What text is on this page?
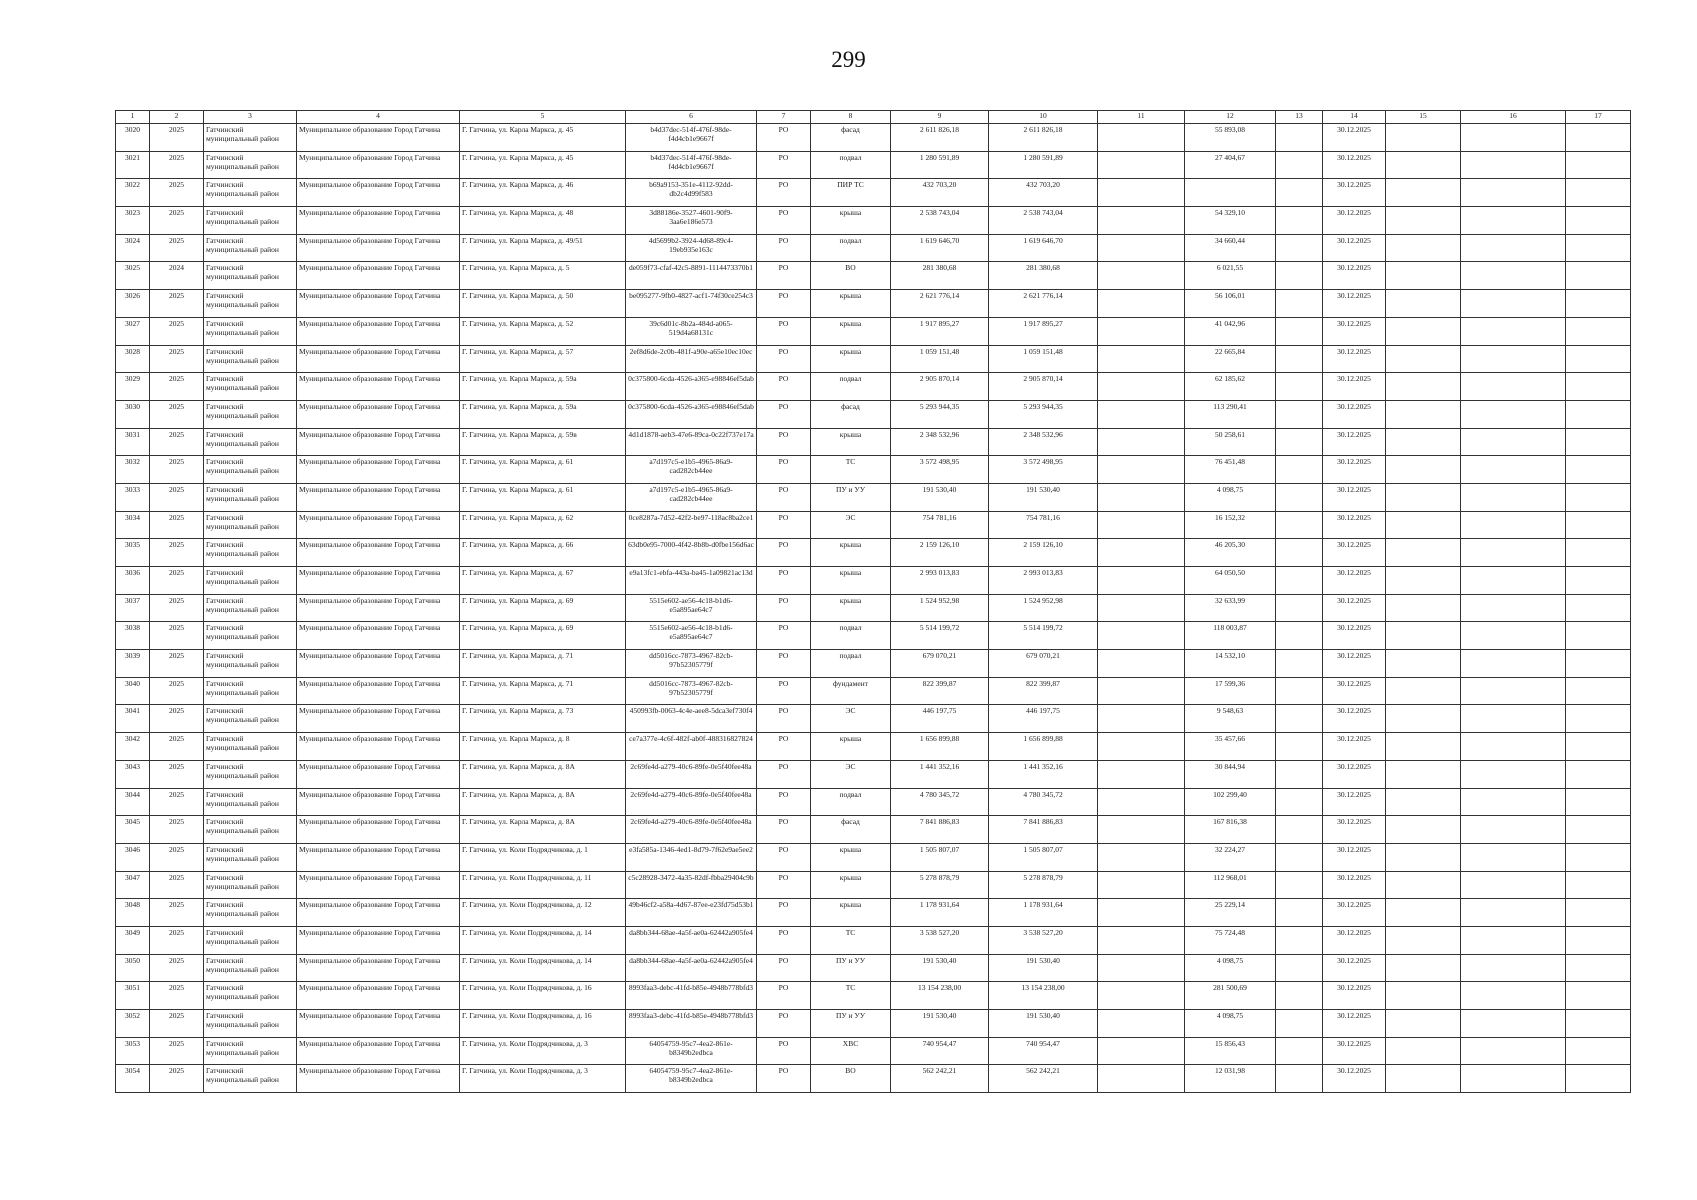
299
1	2	3	4	5	6	7	8	9	10	11	12	13	14	15	16	17
3020	2025	Гатчинский муниципальный район	Муниципальное образование Город Гатчина	Г. Гатчина, ул. Карла Маркса, д. 45	b4d37dec-514f-476f-98de-f4d4cb1e9667f	РО	фасад	2 611 826,18	2 611 826,18		55 893,08		30.12.2025			
3021	2025	Гатчинский муниципальный район	Муниципальное образование Город Гатчина	Г. Гатчина, ул. Карла Маркса, д. 45	b4d37dec-514f-476f-98de-f4d4cb1e9667f	РО	подвал	1 280 591,89	1 280 591,89		27 404,67		30.12.2025			
3022	2025	Гатчинский муниципальный район	Муниципальное образование Город Гатчина	Г. Гатчина, ул. Карла Маркса, д. 46	b69a9153-351e-4112-92dd-db2c4d99f583	РО	ПИР ТС	432 703,20	432 703,20				30.12.2025			
3023	2025	Гатчинский муниципальный район	Муниципальное образование Город Гатчина	Г. Гатчина, ул. Карла Маркса, д. 48	3d88186e-3527-4601-90f9-3aa6e186e573	РО	крыша	2 538 743,04	2 538 743,04		54 329,10		30.12.2025			
3024	2025	Гатчинский муниципальный район	Муниципальное образование Город Гатчина	Г. Гатчина, ул. Карла Маркса, д. 49/51	4d5699b2-3924-4d68-89c4-19eb935e163c	РО	подвал	1 619 646,70	1 619 646,70		34 660,44		30.12.2025			
3025	2024	Гатчинский муниципальный район	Муниципальное образование Город Гатчина	Г. Гатчина, ул. Карла Маркса, д. 5	de059f73-cfaf-42c5-8891-1114473370b1	РО	ВО	281 380,68	281 380,68		6 021,55		30.12.2025			
3026	2025	Гатчинский муниципальный район	Муниципальное образование Город Гатчина	Г. Гатчина, ул. Карла Маркса, д. 50	be095277-9fb0-4827-acf1-74f30ce254c3	РО	крыша	2 621 776,14	2 621 776,14		56 106,01		30.12.2025			
3027	2025	Гатчинский муниципальный район	Муниципальное образование Город Гатчина	Г. Гатчина, ул. Карла Маркса, д. 52	39c6d01c-8b2a-484d-a065-519d4a68131c	РО	крыша	1 917 895,27	1 917 895,27		41 042,96		30.12.2025			
3028	2025	Гатчинский муниципальный район	Муниципальное образование Город Гатчина	Г. Гатчина, ул. Карла Маркса, д. 57	2ef8d6de-2c0b-481f-a90e-a65e10ec10ec	РО	крыша	1 059 151,48	1 059 151,48		22 665,84		30.12.2025			
3029	2025	Гатчинский муниципальный район	Муниципальное образование Город Гатчина	Г. Гатчина, ул. Карла Маркса, д. 59а	0c375800-6cda-4526-a365-e98846ef5dab	РО	подвал	2 905 870,14	2 905 870,14		62 185,62		30.12.2025			
3030	2025	Гатчинский муниципальный район	Муниципальное образование Город Гатчина	Г. Гатчина, ул. Карла Маркса, д. 59а	0c375800-6cda-4526-a365-e98846ef5dab	РО	фасад	5 293 944,35	5 293 944,35		113 290,41		30.12.2025			
3031	2025	Гатчинский муниципальный район	Муниципальное образование Город Гатчина	Г. Гатчина, ул. Карла Маркса, д. 59в	4d1d1878-aeb3-47e6-89ca-0c22f737e17a	РО	крыша	2 348 532,96	2 348 532,96		50 258,61		30.12.2025			
3032	2025	Гатчинский муниципальный район	Муниципальное образование Город Гатчина	Г. Гатчина, ул. Карла Маркса, д. 61	a7d197c5-e1b5-4965-86a9-cad282cb44ee	РО	ТС	3 572 498,95	3 572 498,95		76 451,48		30.12.2025			
3033	2025	Гатчинский муниципальный район	Муниципальное образование Город Гатчина	Г. Гатчина, ул. Карла Маркса, д. 61	a7d197c5-e1b5-4965-86a9-cad282cb44ee	РО	ПУ и УУ	191 530,40	191 530,40		4 098,75		30.12.2025			
3034	2025	Гатчинский муниципальный район	Муниципальное образование Город Гатчина	Г. Гатчина, ул. Карла Маркса, д. 62	0ce8287a-7d52-42f2-be97-118ac8ba2ce1	РО	ЭС	754 781,16	754 781,16		16 152,32		30.12.2025			
3035	2025	Гатчинский муниципальный район	Муниципальное образование Город Гатчина	Г. Гатчина, ул. Карла Маркса, д. 66	63db0e95-7000-4f42-8b8b-d0fbe156d6ac	РО	крыша	2 159 126,10	2 159 126,10		46 205,30		30.12.2025			
3036	2025	Гатчинский муниципальный район	Муниципальное образование Город Гатчина	Г. Гатчина, ул. Карла Маркса, д. 67	e9a13fc1-ebfa-443a-ba45-1a09821ac13d	РО	крыша	2 993 013,83	2 993 013,83		64 050,50		30.12.2025			
3037	2025	Гатчинский муниципальный район	Муниципальное образование Город Гатчина	Г. Гатчина, ул. Карла Маркса, д. 69	5515e602-ae56-4c18-b1d6-e5a895ae64c7	РО	крыша	1 524 952,98	1 524 952,98		32 633,99		30.12.2025			
3038	2025	Гатчинский муниципальный район	Муниципальное образование Город Гатчина	Г. Гатчина, ул. Карла Маркса, д. 69	5515e602-ae56-4c18-b1d6-e5a895ae64c7	РО	подвал	5 514 199,72	5 514 199,72		118 003,87		30.12.2025			
3039	2025	Гатчинский муниципальный район	Муниципальное образование Город Гатчина	Г. Гатчина, ул. Карла Маркса, д. 71	dd5016cc-7873-4967-82cb-97b52305779f	РО	подвал	679 070,21	679 070,21		14 532,10		30.12.2025			
3040	2025	Гатчинский муниципальный район	Муниципальное образование Город Гатчина	Г. Гатчина, ул. Карла Маркса, д. 71	dd5016cc-7873-4967-82cb-97b52305779f	РО	фундамент	822 399,87	822 399,87		17 599,36		30.12.2025			
3041	2025	Гатчинский муниципальный район	Муниципальное образование Город Гатчина	Г. Гатчина, ул. Карла Маркса, д. 73	450993fb-0063-4c4e-aee8-5dca3ef730f4	РО	ЭС	446 197,75	446 197,75		9 548,63		30.12.2025			
3042	2025	Гатчинский муниципальный район	Муниципальное образование Город Гатчина	Г. Гатчина, ул. Карла Маркса, д. 8	ce7a377e-4c6f-482f-ab0f-488316827824	РО	крыша	1 656 899,88	1 656 899,88		35 457,66		30.12.2025			
3043	2025	Гатчинский муниципальный район	Муниципальное образование Город Гатчина	Г. Гатчина, ул. Карла Маркса, д. 8А	2c69fe4d-a279-40c6-89fe-0e5f40fee48a	РО	ЭС	1 441 352,16	1 441 352,16		30 844,94		30.12.2025			
3044	2025	Гатчинский муниципальный район	Муниципальное образование Город Гатчина	Г. Гатчина, ул. Карла Маркса, д. 8А	2c69fe4d-a279-40c6-89fe-0e5f40fee48a	РО	подвал	4 780 345,72	4 780 345,72		102 299,40		30.12.2025			
3045	2025	Гатчинский муниципальный район	Муниципальное образование Город Гатчина	Г. Гатчина, ул. Карла Маркса, д. 8А	2c69fe4d-a279-40c6-89fe-0e5f40fee48a	РО	фасад	7 841 886,83	7 841 886,83		167 816,38		30.12.2025			
3046	2025	Гатчинский муниципальный район	Муниципальное образование Город Гатчина	Г. Гатчина, ул. Коли Подрядчикова, д. 1	e3fa585a-1346-4ed1-8d79-7f62e9ae5ee2	РО	крыша	1 505 807,07	1 505 807,07		32 224,27		30.12.2025			
3047	2025	Гатчинский муниципальный район	Муниципальное образование Город Гатчина	Г. Гатчина, ул. Коли Подрядчикова, д. 11	c5c28928-3472-4a35-82df-fbba29404c9b	РО	крыша	5 278 878,79	5 278 878,79		112 968,01		30.12.2025			
3048	2025	Гатчинский муниципальный район	Муниципальное образование Город Гатчина	Г. Гатчина, ул. Коли Подрядчикова, д. 12	49b46cf2-a58a-4d67-87ee-e23fd75d53b1	РО	крыша	1 178 931,64	1 178 931,64		25 229,14		30.12.2025			
3049	2025	Гатчинский муниципальный район	Муниципальное образование Город Гатчина	Г. Гатчина, ул. Коли Подрядчикова, д. 14	da8bb344-68ae-4a5f-ae0a-62442a905fe4	РО	ТС	3 538 527,20	3 538 527,20		75 724,48		30.12.2025			
3050	2025	Гатчинский муниципальный район	Муниципальное образование Город Гатчина	Г. Гатчина, ул. Коли Подрядчикова, д. 14	da8bb344-68ae-4a5f-ae0a-62442a905fe4	РО	ПУ и УУ	191 530,40	191 530,40		4 098,75		30.12.2025			
3051	2025	Гатчинский муниципальный район	Муниципальное образование Город Гатчина	Г. Гатчина, ул. Коли Подрядчикова, д. 16	8993faa3-debc-41fd-b85e-4948b778bfd3	РО	ТС	13 154 238,00	13 154 238,00		281 500,69		30.12.2025			
3052	2025	Гатчинский муниципальный район	Муниципальное образование Город Гатчина	Г. Гатчина, ул. Коли Подрядчикова, д. 16	8993faa3-debc-41fd-b85e-4948b778bfd3	РО	ПУ и УУ	191 530,40	191 530,40		4 098,75		30.12.2025			
3053	2025	Гатчинский муниципальный район	Муниципальное образование Город Гатчина	Г. Гатчина, ул. Коли Подрядчикова, д. 3	64054759-95c7-4ea2-861e-b8349b2edbca	РО	ХВС	740 954,47	740 954,47		15 856,43		30.12.2025			
3054	2025	Гатчинский муниципальный район	Муниципальное образование Город Гатчина	Г. Гатчина, ул. Коли Подрядчикова, д. 3	64054759-95c7-4ea2-861e-b8349b2edbca	РО	ВО	562 242,21	562 242,21		12 031,98		30.12.2025			
